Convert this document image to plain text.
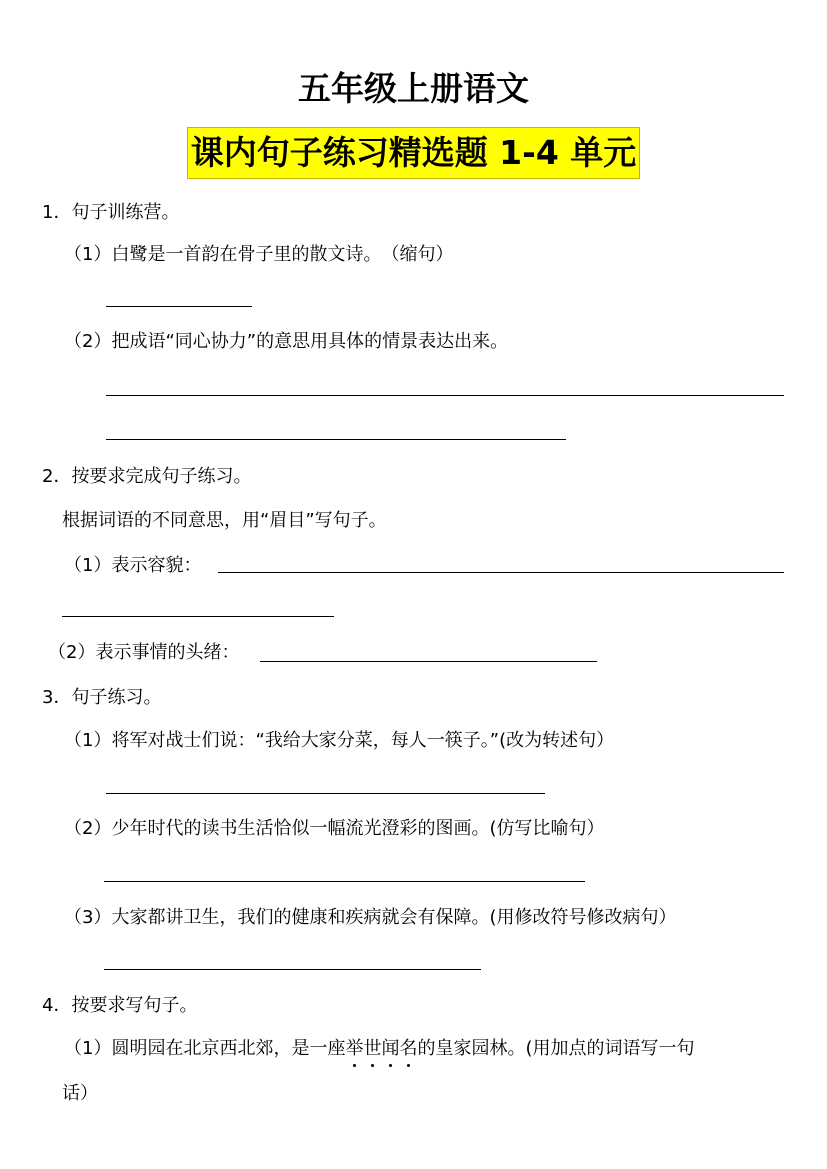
五年级上册语文
课内句子练习精选题 1-4 单元
1．句子训练营。
（1）白鹭是一首韵在骨子里的散文诗。　（缩句）
（2）把成语“同心协力”的意思用具体的情景表达出来。
2．按要求完成句子练习。
根据词语的不同意思，用“眉目”写句子。
（1）表示容貌：
（2）表示事情的头绪：
3．句子练习。
（1）将军对战士们说：“我给大家分菜，每人一筷子。”(改为转述句）
（2）少年时代的读书生活恰似一幅流光澄彩的图画。(仿写比喻句）
（3）大家都讲卫生，我们的健康和疾病就会有保障。(用修改符号修改病句）
4．按要求写句子。
（1）圆明园在北京西北郊，是一座举
世
闻
名
的皇家园林。(用加点的词语写一句
话）
